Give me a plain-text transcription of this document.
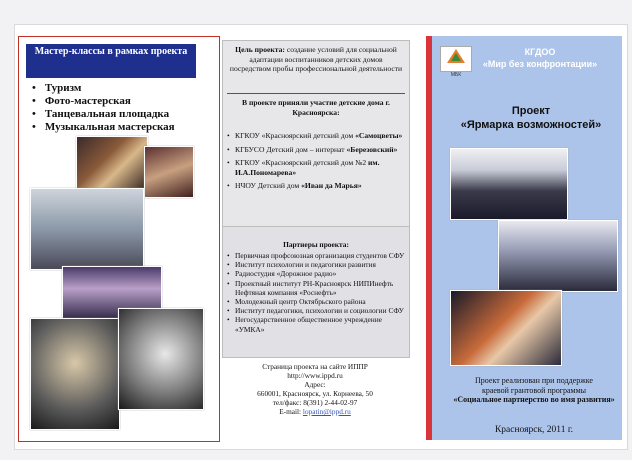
Мастер-классы в рамках проекта
• Туризм
• Фото-мастерская
• Танцевальная площадка
• Музыкальная мастерская
Цель проекта: создание условий для социальной адаптации воспитанников детских домов посредством пробы профессиональной деятельности
В проекте приняли участие детские дома г. Красноярска:
• КГКОУ «Красноярский детский дом «Самоцветы»
• КГБУСО Детский дом – интернат «Березовский»
• КГКОУ «Красноярский детский дом №2 им. И.А.Пономарева»
• НЧОУ Детский дом «Иван да Марья»
Партнеры проекта:
• Первичная профсоюзная организация студентов СФУ
• Институт психологии и педагогики развития
• Радиостудия «Дорожное радио»
• Проектный институт РН-Красноярск НИПИнефть Нефтяная компания «Роснефть»
• Молодежный центр Октябрьского района
• Институт педагогики, психологии и социологии СФУ
• Негосударственное общественное учреждение «УМКА»
Страница проекта на сайте ИППР
http://www.ippd.ru
Адрес:
660001, Красноярск, ул. Корнеева, 50
тел/факс: 8(391) 2-44-02-97
E-mail: lopatin@ippd.ru
МБК
КГДОО
«Мир без конфронтации»
Проект
«Ярмарка возможностей»
Проект реализован при поддержке
краевой грантовой программы
«Социальное партнерство во имя развития»
Красноярск, 2011 г.
